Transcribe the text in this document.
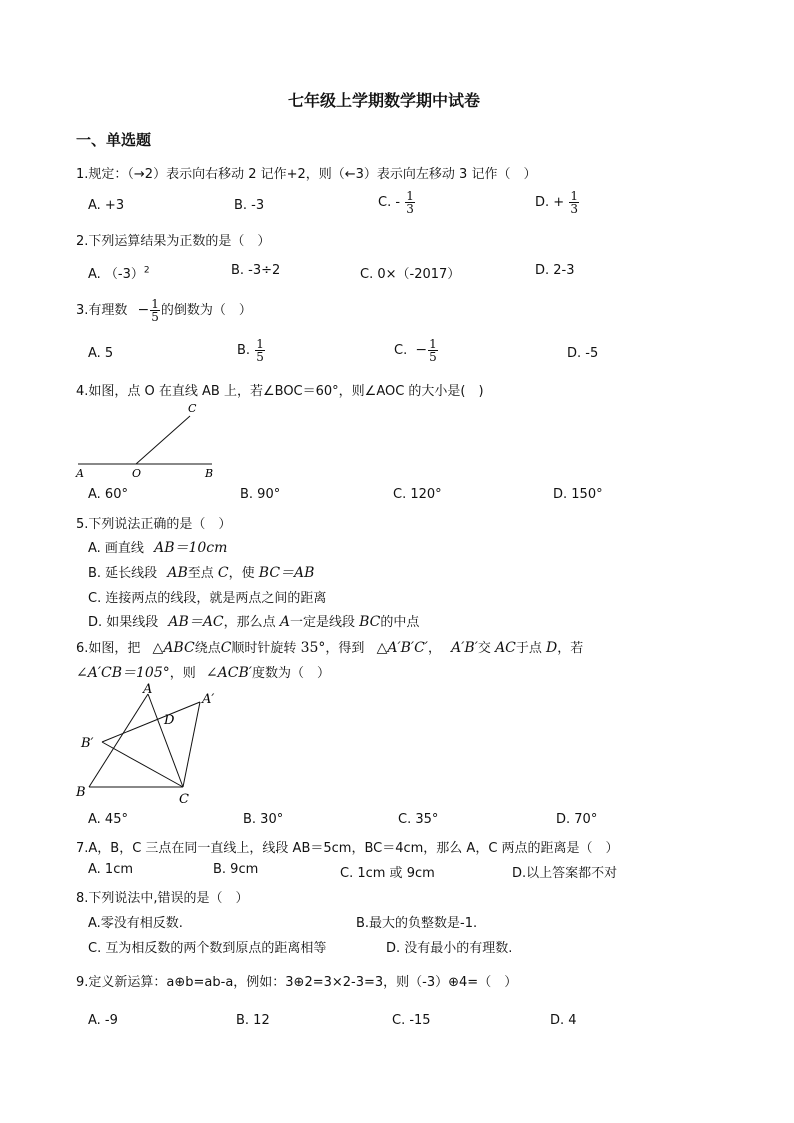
七年级上学期数学期中试卷
一、单选题
1.规定：（→2）表示向右移动 2 记作+2，则（←3）表示向左移动 3 记作（　）
A. +3	B. -3	C. - $\frac{1}{3}$	D. + $\frac{1}{3}$
2.下列运算结果为正数的是（　）
A. $(-3)^2$	B. -3÷2	C. 0×（-2017）	D. 2-3
3.有理数 − $\frac{1}{5}$ 的倒数为（　）
A. 5	B. $\frac{1}{5}$	C. − $\frac{1}{5}$	D. -5
4.如图，点 O 在直线 AB 上，若∠BOC＝60°，则∠AOC 的大小是(　)
A	O	B
C
A. 60°	B. 90°	C. 120°	D. 150°
5.下列说法正确的是（　）
A. 画直线 AB＝10cm
B. 延长线段 AB至点 C，使 BC＝AB
C. 连接两点的线段，就是两点之间的距离
D. 如果线段 AB＝AC，那么点 A一定是线段 BC的中点
6.如图，把 △ABC绕点C顺时针旋转 35°，得到 △A′B′C′， A′B′交 AC于点 D，若
∠A′CB＝105°，则 ∠ACB′度数为（　）
A
A′
B′
B	C
D
A. 45°	B. 30°	C. 35°	D. 70°
7.A，B，C 三点在同一直线上，线段 AB＝5cm，BC＝4cm，那么 A，C 两点的距离是（　）
A. 1cm	B. 9cm	C. 1cm 或 9cm	D.以上答案都不对
8.下列说法中,错误的是（　）
A.零没有相反数.	B.最大的负整数是-1.
C. 互为相反数的两个数到原点的距离相等	D. 没有最小的有理数.
9.定义新运算：a⊕b=ab-a，例如：3⊕2=3×2-3=3，则（-3）⊕4=（　）
A. -9	B. 12	C. -15	D. 4
